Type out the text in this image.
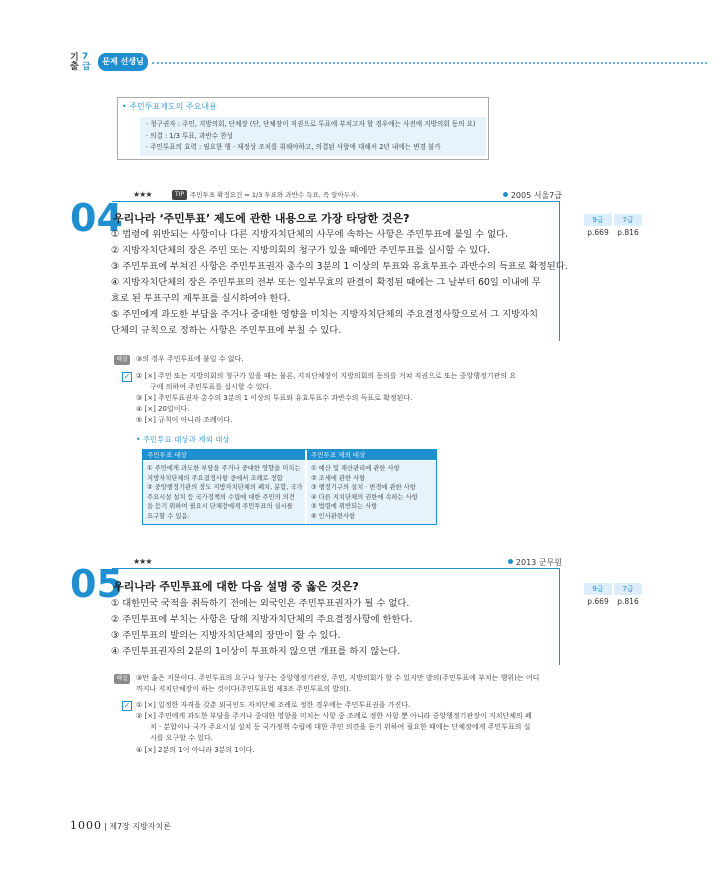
기출
7급
문제 선생님
• 주민투표제도의 주요내용
· 청구권자 : 주민, 지방의회, 단체장 (단, 단체장이 직권으로 투표에 부치고자 할 경우에는 사전에 지방의회 동의 요)
· 의결 : 1/3 투표, 과반수 찬성
· 주민투표의 효력 : 필요한 행 · 재정상 조치를 취해야하고, 의결된 사항에 대해서 2년 내에는 변경 불가
★★★	TIP 주민투표 확정요건 = 1/3 투표와 과반수 득표, 꼭 알아두자.	2005 서울7급
04
우리나라 ‘주민투표’ 제도에 관한 내용으로 가장 타당한 것은?
① 법령에 위반되는 사항이나 다른 지방자치단체의 사무에 속하는 사항은 주민투표에 붙일 수 없다.
② 지방자치단체의 장은 주민 또는 지방의회의 청구가 있을 때에만 주민투표를 실시할 수 있다.
③ 주민투표에 부쳐진 사항은 주민투표권자 총수의 3분의 1 이상의 투표와 유효투표수 과반수의 득표로 확정된다.
④ 지방자치단체의 장은 주민투표의 전부 또는 일부무효의 판결이 확정된 때에는 그 날부터 60일 이내에 무
효로 된 투표구의 재투표를 실시하여야 한다.
⑤ 주민에게 과도한 부담을 주거나 중대한 영향을 미치는 지방자치단체의 주요결정사항으로서 그 지방자치
단체의 규칙으로 정하는 사항은 주민투표에 부칠 수 있다.
9급	7급
p.669	p.816
해설	③의 경우 주민투표에 붙일 수 없다.
✓ ② [×] 주민 또는 지방의회의 청구가 있을 때는 물론, 지치단체장이 지방의회의 동의를 거쳐 직권으로 또는 중앙행정기관의 요
구에 의하여 주민투표를 실시할 수 있다.
③ [×] 주민투표권자 총수의 3분의 1 이상의 투표와 유효투표수 과반수의 득표로 확정된다.
④ [×] 20일이다.
⑤ [×] 규칙이 아니라 조례이다.
• 주민투표 대상과 제외 대상
주민투표 대상	주민투표 제외 대상
① 주민에게 과도한 부담을 주거나 중대한 영향을 미치는
지방자치단체의 주요결정사항 중에서 조례로 정함
② 중앙행정기관의 장도 지방자치단체의 폐치, 분합, 국가
주요시설 설치 등 국가정책의 수립에 대한 주민의 의견
을 듣기 위하여 필요시 단체장에게 주민투표의 실시를
요구할 수 있음.
① 예산 및 재산관리에 관한 사항
② 조세에 관한 사항
③ 행정기구의 설치 · 변경에 관한 사항
④ 다른 지치단체의 권한에 속하는 사항
⑤ 법령에 위반되는 사항
⑥ 인사관련사항
★★★	2013 군무원
05
우리나라 주민투표에 대한 다음 설명 중 옳은 것은?
① 대한민국 국적을 취득하기 전에는 외국인은 주민투표권자가 될 수 없다.
② 주민투표에 부치는 사항은 당해 지방자치단체의 주요결정사항에 한한다.
③ 주민투표의 발의는 지방자치단체의 장만이 할 수 있다.
④ 주민투표권자의 2분의 1이상이 투표하지 않으면 개표를 하지 않는다.
9급	7급
p.669	p.816
해설	③만 옳은 지문이다. 주민투표의 요구나 청구는 중앙행정기관장, 주민, 지방의회가 할 수 있지만 발의(주민투표에 부치는 행위)는 어디
까지나 지치단체장이 하는 것이다(주민투표법 제3조 주민투표의 발의).
✓ ① [×] 일정한 자격을 갖춘 외국인도 자치단체 조례로 정한 경우에는 주민투표권을 가진다.
② [×] 주민에게 과도한 부담을 주거나 중대한 영향을 미치는 사항 중 조례로 정한 사항 뿐 아니라 중앙행정기관장이 지치단체의 폐
치 · 분합이나 국가 주요시설 설치 등 국가정책 수립에 대한 주민 의견을 듣기 위하여 필요한 때에는 단체장에게 주민투표의 실
시를 요구할 수 있다.
④ [×] 2분의 1이 아니라 3분의 1이다.
1000 | 제7장 지방자치론
